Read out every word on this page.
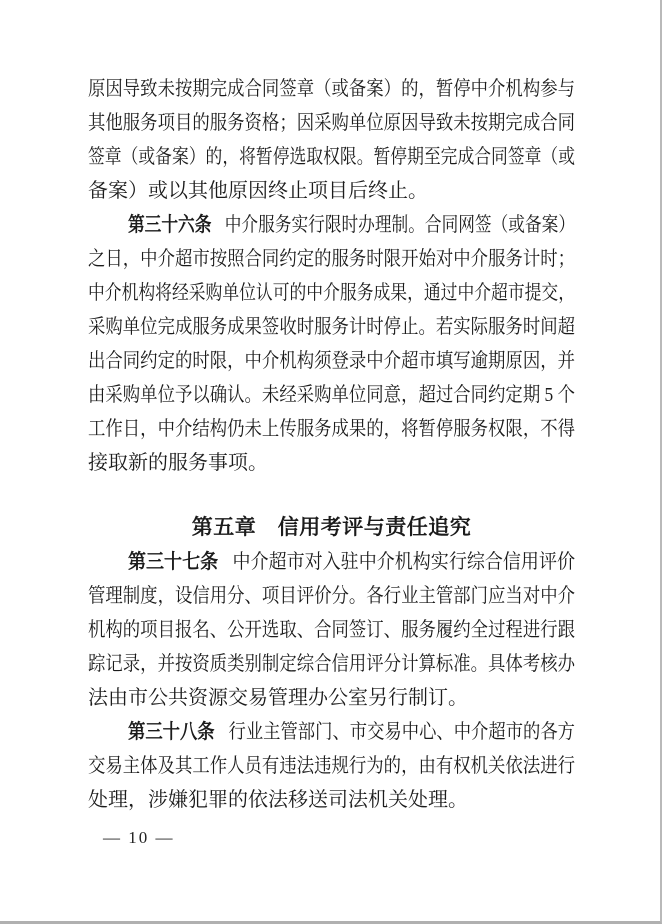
原因导致未按期完成合同签章（或备案）的，暂停中介机构参与
其他服务项目的服务资格；因采购单位原因导致未按期完成合同
签章（或备案）的，将暂停选取权限。暂停期至完成合同签章（或
备案）或以其他原因终止项目后终止。
第三十六条 中介服务实行限时办理制。合同网签（或备案）
之日，中介超市按照合同约定的服务时限开始对中介服务计时；
中介机构将经采购单位认可的中介服务成果，通过中介超市提交，
采购单位完成服务成果签收时服务计时停止。若实际服务时间超
出合同约定的时限，中介机构须登录中介超市填写逾期原因，并
由采购单位予以确认。未经采购单位同意，超过合同约定期 5 个
工作日，中介结构仍未上传服务成果的，将暂停服务权限，不得
接取新的服务事项。
第五章　信用考评与责任追究
第三十七条 中介超市对入驻中介机构实行综合信用评价
管理制度，设信用分、项目评价分。各行业主管部门应当对中介
机构的项目报名、公开选取、合同签订、服务履约全过程进行跟
踪记录，并按资质类别制定综合信用评分计算标准。具体考核办
法由市公共资源交易管理办公室另行制订。
第三十八条 行业主管部门、市交易中心、中介超市的各方
交易主体及其工作人员有违法违规行为的，由有权机关依法进行
处理，涉嫌犯罪的依法移送司法机关处理。
— 10 —
